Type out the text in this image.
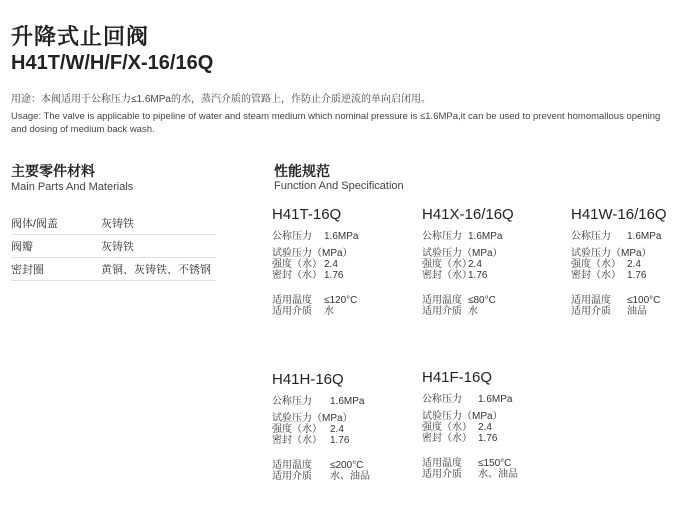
升降式止回阀
H41T/W/H/F/X-16/16Q
用途：本阀适用于公称压力≤1.6MPa的水，蒸汽介质的管路上，作防止介质逆流的单向启闭用。
Usage: The valve is applicable to pipeline of water and steam medium which nominal pressure is ≤1.6MPa,it can be used to prevent homomallous opening and dosing of medium back wash.
主要零件材料
Main Parts And Materials
阀体/阀盖	灰铸铁
阀瓣	灰铸铁
密封圈	黄铜、灰铸铁、不锈钢
性能规范
Function And Specification
H41T-16Q
公称压力 1.6MPa
试验压力（MPa）
强度（水） 2.4
密封（水） 1.76
适用温度 ≤120°C
适用介质 水
H41X-16/16Q
公称压力 1.6MPa
试验压力（MPa）
强度（水）2.4
密封（水）1.76
适用温度 ≤80°C
适用介质 水
H41W-16/16Q
公称压力 1.6MPa
试验压力（MPa）
强度（水） 2.4
密封（水） 1.76
适用温度 ≤100°C
适用介质 油品
H41H-16Q
公称压力 1.6MPa
试验压力（MPa）
强度（水） 2.4
密封（水） 1.76
适用温度 ≤200°C
适用介质 水、油品
H41F-16Q
公称压力 1.6MPa
试验压力（MPa）
强度（水） 2.4
密封（水） 1.76
适用温度 ≤150°C
适用介质 水、油品
